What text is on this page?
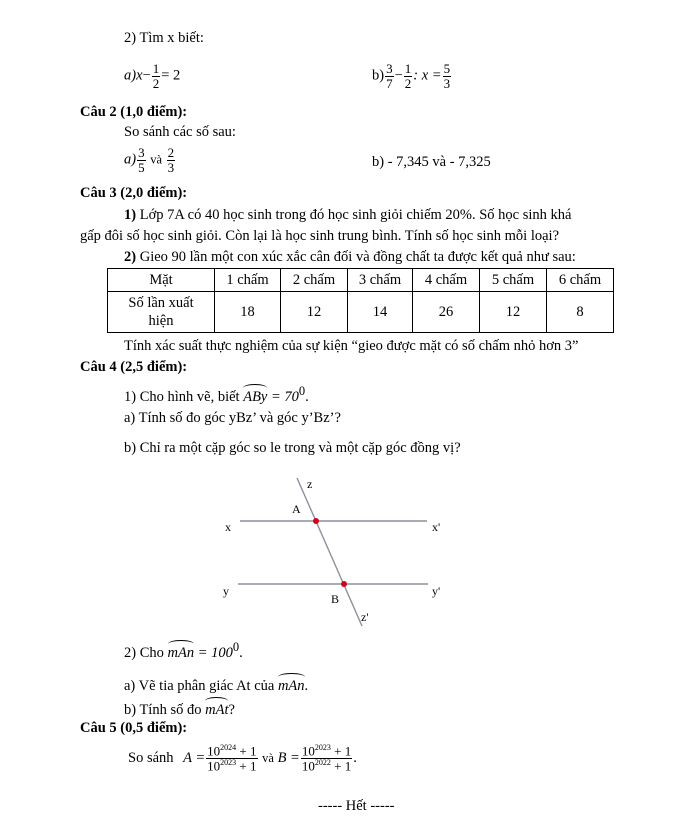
2) Tìm x biết:
$a)x- \frac{1}{2} = 2$	$b) \frac{3}{7} - \frac{1}{2}$ : $x = \frac{5}{3}$
Câu 2 (1,0 điểm):
So sánh các số sau:
$a) \frac{3}{5}$ và $\frac{2}{3}$	b) - 7,345 và - 7,325
Câu 3 (2,0 điểm):
1) Lớp 7A có 40 học sinh trong đó học sinh giỏi chiếm 20%. Số học sinh khá
gấp đôi số học sinh giỏi. Còn lại là học sinh trung bình. Tính số học sinh mỗi loại?
2) Gieo 90 lần một con xúc xắc cân đối và đồng chất ta được kết quả như sau:
Mặt	1 chấm	2 chấm	3 chấm	4 chấm	5 chấm	6 chấm

Số lần xuất
hiện	18	12	14	26	12	8
Tính xác suất thực nghiệm của sự kiện “gieo được mặt có số chấm nhỏ hơn 3”
Câu 4 (2,5 điểm):
1) Cho hình vẽ, biết ABy = $70^0$.
a) Tính số đo góc yBz’ và góc y’Bz’?
b) Chỉ ra một cặp góc so le trong và một cặp góc đồng vị?
z
A
x	x'
y
B
y'
z'
2) Cho mAn = $100^0$.
a) Vẽ tia phân giác At của mAn.
b) Tính số đo mAt?
Câu 5 (0,5 điểm):
So sánh $A = \frac{10^{2024} + 1}{10^{2023} + 1}$ và $B = \frac{10^{2023} + 1}{10^{2022} + 1}$ .
----- Hết -----
